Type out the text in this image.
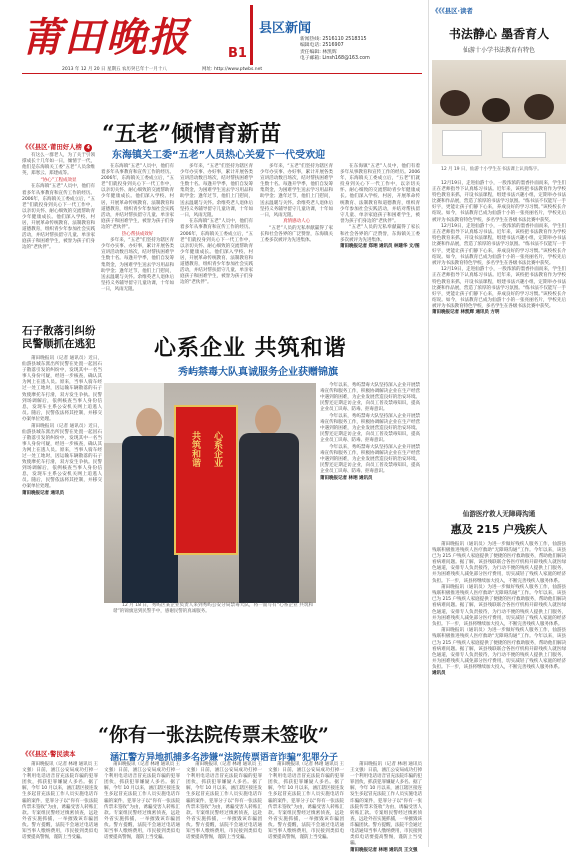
莆田晚报	B1
县区新闻
新闻热线: 2516110 2518315
编辑电话: 2516907
责任编辑: 林凯辉
电子邮箱: Linsh168@163.com
2013 年 12 月 20 日 星期五 农历癸巳年十一月十八	网址: http://www.ptwbs.net
“五老”倾情育新苗
东海镇关工委“五老”人员热心关爱下一代受欢迎
《《《县区·莆田好人榜 4

有这么一群老人，为了关于引领撑成长十几年如一日，倾情于一代，他们是东海镇关工委“五老”人员余维英，郑寒云、郑建成等。

“协心”工程成效显

在东海镇“五老”人员中，他们有着多年从事教育和宣传工作的经历。2006年，东海镇关工委成立后，“五老”们就投身到关心下一代工作中，以亲切关怀、耐心细致的交流帮助青少年健康成长。他们深入学校、村居，开展革命传统教育、法制教育和道德教育，组织青少年参加社会实践活动，并结对帮扶留守儿童、单亲家庭孩子和困难学生，被誉为孩子们身边的“老伙伴”。

在东海镇“五老”人员中，他们有着多年从事教育和宣传工作的经历。2006年，东海镇关工委成立后，“五老”们就投身到关心下一代工作中，以亲切关怀、耐心细致的交流帮助青少年健康成长。他们深入学校、村居，开展革命传统教育、法制教育和道德教育，组织青少年参加社会实践活动，并结对帮扶留守儿童、单亲家庭孩子和困难学生，被誉为孩子们身边的“老伙伴”。

热心帮扶成效好

多年来，“五老”们坚持为辖区青少年办实事、办好事，累计开展各类宣讲活动数百场次，结对帮扶困难学生数十名。每逢开学季，他们自发筹集资金，为困难学生送去学习用品和助学金；逢年过节，他们上门慰问，送去温暖与关怀。余维英老人退休后坚持义务辅导留守儿童功课，十年如一日，风雨无阻。

多年来，“五老”们坚持为辖区青少年办实事、办好事，累计开展各类宣讲活动数百场次，结对帮扶困难学生数十名。每逢开学季，他们自发筹集资金，为困难学生送去学习用品和助学金；逢年过节，他们上门慰问，送去温暖与关怀。余维英老人退休后坚持义务辅导留守儿童功课，十年如一日，风雨无阻。

在东海镇“五老”人员中，他们有着多年从事教育和宣传工作的经历。2006年，东海镇关工委成立后，“五老”们就投身到关心下一代工作中，以亲切关怀、耐心细致的交流帮助青少年健康成长。他们深入学校、村居，开展革命传统教育、法制教育和道德教育，组织青少年参加社会实践活动，并结对帮扶留守儿童、单亲家庭孩子和困难学生，被誉为孩子们身边的“老伙伴”。

多年来，“五老”们坚持为辖区青少年办实事、办好事，累计开展各类宣讲活动数百场次，结对帮扶困难学生数十名。每逢开学季，他们自发筹集资金，为困难学生送去学习用品和助学金；逢年过节，他们上门慰问，送去温暖与关怀。余维英老人退休后坚持义务辅导留守儿童功课，十年如一日，风雨无阻。

真情感动人心

“五老”人员的无私奉献赢得了家长和社会各界的广泛赞誉，东海镇关工委多次被评为先进集体。

在东海镇“五老”人员中，他们有着多年从事教育和宣传工作的经历。2006年，东海镇关工委成立后，“五老”们就投身到关心下一代工作中，以亲切关怀、耐心细致的交流帮助青少年健康成长。他们深入学校、村居，开展革命传统教育、法制教育和道德教育，组织青少年参加社会实践活动，并结对帮扶留守儿童、单亲家庭孩子和困难学生，被誉为孩子们身边的“老伙伴”。

“五老”人员的无私奉献赢得了家长和社会各界的广泛赞誉，东海镇关工委多次被评为先进集体。

莆田晚报记者 郑翊 通讯员 林建华 文/图

石子散落引纠纷
民警顺抓在逃犯

莆田晚报讯（记者 通讯员）近日，仙游县城东派出所民警在处置一起因石子散落引发的纠纷中，发现其中一名当事人身份可疑，经进一步核查，确认其为网上在逃人员。原来，当事人骑车经过一处工地时，因运输车辆散落的石子致使摩托车打滑，双方发生争执。民警到场调解后，依例核查当事人身份信息，发现车主系公安机关网上追逃人员。随后，民警依法将其控制，并移交办案单位处理。

莆田晚报讯（记者 通讯员）近日，仙游县城东派出所民警在处置一起因石子散落引发的纠纷中，发现其中一名当事人身份可疑，经进一步核查，确认其为网上在逃人员。原来，当事人骑车经过一处工地时，因运输车辆散落的石子致使摩托车打滑，双方发生争执。民警到场调解后，依例核查当事人身份信息，发现车主系公安机关网上追逃人员。随后，民警依法将其控制，并移交办案单位处理。

莆田晚报记者 通讯员

心系企业 共筑和谐
秀屿禁毒大队真诚服务企业获赠锦旗
心系企业
共筑和谐

12 月 18 日，秀屿区某企业负责人来到秀屿公安分局禁毒大队，将一面写有“心系企业 共筑和谐”的锦旗送到民警手中，感谢民警的真诚服务。

今年以来，秀屿禁毒大队坚持深入企业开展禁毒宣传和服务工作，积极协调解决企业在生产经营中遇到的困难，为企业发展营造良好的治安环境。民警还定期走访企业，向员工普及禁毒知识，提高企业员工识毒、防毒、拒毒意识。

今年以来，秀屿禁毒大队坚持深入企业开展禁毒宣传和服务工作，积极协调解决企业在生产经营中遇到的困难，为企业发展营造良好的治安环境。民警还定期走访企业，向员工普及禁毒知识，提高企业员工识毒、防毒、拒毒意识。

今年以来，秀屿禁毒大队坚持深入企业开展禁毒宣传和服务工作，积极协调解决企业在生产经营中遇到的困难，为企业发展营造良好的治安环境。民警还定期走访企业，向员工普及禁毒知识，提高企业员工识毒、防毒、拒毒意识。

莆田晚报记者 林翊 通讯员

“你有一张法院传票未签收”
涵江警方异地抓捕多名涉嫌“法院传票语音诈骗”犯罪分子
《《《县区·警民读本

莆田晚报讯（记者 林翊 通讯员 王文强）日前，涵江公安局成功打掉一个利用电话语音冒充法院诈骗的犯罪团伙，抓获犯罪嫌疑人多名。据了解，今年 10 月以来，涵江辖区接连发生多起冒充法院工作人员实施电话诈骗的案件，犯罪分子以“你有一张法院传票未签收”为由，诱骗受害人转账汇款。专案组民警经过缜密侦查，远赴外省实施抓捕，一举摧毁该诈骗团伙。警方提醒，法院不会通过电话通知当事人缴纳费用，市民接到类似电话要提高警惕，谨防上当受骗。

莆田晚报讯（记者 林翊 通讯员 王文强）日前，涵江公安局成功打掉一个利用电话语音冒充法院诈骗的犯罪团伙，抓获犯罪嫌疑人多名。据了解，今年 10 月以来，涵江辖区接连发生多起冒充法院工作人员实施电话诈骗的案件，犯罪分子以“你有一张法院传票未签收”为由，诱骗受害人转账汇款。专案组民警经过缜密侦查，远赴外省实施抓捕，一举摧毁该诈骗团伙。警方提醒，法院不会通过电话通知当事人缴纳费用，市民接到类似电话要提高警惕，谨防上当受骗。

莆田晚报讯（记者 林翊 通讯员 王文强）日前，涵江公安局成功打掉一个利用电话语音冒充法院诈骗的犯罪团伙，抓获犯罪嫌疑人多名。据了解，今年 10 月以来，涵江辖区接连发生多起冒充法院工作人员实施电话诈骗的案件，犯罪分子以“你有一张法院传票未签收”为由，诱骗受害人转账汇款。专案组民警经过缜密侦查，远赴外省实施抓捕，一举摧毁该诈骗团伙。警方提醒，法院不会通过电话通知当事人缴纳费用，市民接到类似电话要提高警惕，谨防上当受骗。

莆田晚报讯（记者 林翊 通讯员 王文强）日前，涵江公安局成功打掉一个利用电话语音冒充法院诈骗的犯罪团伙，抓获犯罪嫌疑人多名。据了解，今年 10 月以来，涵江辖区接连发生多起冒充法院工作人员实施电话诈骗的案件，犯罪分子以“你有一张法院传票未签收”为由，诱骗受害人转账汇款。专案组民警经过缜密侦查，远赴外省实施抓捕，一举摧毁该诈骗团伙。警方提醒，法院不会通过电话通知当事人缴纳费用，市民接到类似电话要提高警惕，谨防上当受骗。

莆田晚报讯（记者 林翊 通讯员 王文强）日前，涵江公安局成功打掉一个利用电话语音冒充法院诈骗的犯罪团伙，抓获犯罪嫌疑人多名。据了解，今年 10 月以来，涵江辖区接连发生多起冒充法院工作人员实施电话诈骗的案件，犯罪分子以“你有一张法院传票未签收”为由，诱骗受害人转账汇款。专案组民警经过缜密侦查，远赴外省实施抓捕，一举摧毁该诈骗团伙。警方提醒，法院不会通过电话通知当事人缴纳费用，市民接到类似电话要提高警惕，谨防上当受骗。

莆田晚报记者 林翊 通讯员 王文强

《《《县区·读者
书法静心 墨香育人
仙游十小学书法教育有特色

12 月 19 日，仙游十小学生在书法课上认真练字。

12月19日，走进仙游十小，一股浓浓的墨香扑面而来，学生们正在老师指导下认真练习书法。近年来，该校把书法教育作为学校特色教育来抓，开设书法课程，组建书法兴趣小组，定期举办书法比赛和作品展，营造了浓厚的书法学习氛围。“练书法不仅能写一手好字，更能让孩子们静下心来，养成良好的学习习惯。”该校校长介绍说。如今，书法教育已成为仙游十小的一张亮丽名片，学校先后被评为书法教育特色学校，多名学生在各级书法比赛中获奖。

12月19日，走进仙游十小，一股浓浓的墨香扑面而来，学生们正在老师指导下认真练习书法。近年来，该校把书法教育作为学校特色教育来抓，开设书法课程，组建书法兴趣小组，定期举办书法比赛和作品展，营造了浓厚的书法学习氛围。“练书法不仅能写一手好字，更能让孩子们静下心来，养成良好的学习习惯。”该校校长介绍说。如今，书法教育已成为仙游十小的一张亮丽名片，学校先后被评为书法教育特色学校，多名学生在各级书法比赛中获奖。

12月19日，走进仙游十小，一股浓浓的墨香扑面而来，学生们正在老师指导下认真练习书法。近年来，该校把书法教育作为学校特色教育来抓，开设书法课程，组建书法兴趣小组，定期举办书法比赛和作品展，营造了浓厚的书法学习氛围。“练书法不仅能写一手好字，更能让孩子们静下心来，养成良好的学习习惯。”该校校长介绍说。如今，书法教育已成为仙游十小的一张亮丽名片，学校先后被评为书法教育特色学校，多名学生在各级书法比赛中获奖。

莆田晚报记者 林凯辉 通讯员 方明

仙游医疗救人无障碍沟通
惠及 215 户残疾人

莆田晚报讯（通讯员）为进一步做好残疾人服务工作，仙游县残联积极推进残疾人医疗救助“无障碍沟通”工作。今年以来，该县已为 215 户残疾人家庭提供了便捷的医疗救助服务，帮助他们解决看病难问题。据了解，该县残联联合各医疗机构开辟残疾人就医绿色通道，安排专人负责接待，为行动不便的残疾人提供上门服务，并为困难残疾人减免部分医疗费用，切实减轻了残疾人家庭的经济负担。下一步，该县将继续加大投入，不断完善残疾人服务体系。

莆田晚报讯（通讯员）为进一步做好残疾人服务工作，仙游县残联积极推进残疾人医疗救助“无障碍沟通”工作。今年以来，该县已为 215 户残疾人家庭提供了便捷的医疗救助服务，帮助他们解决看病难问题。据了解，该县残联联合各医疗机构开辟残疾人就医绿色通道，安排专人负责接待，为行动不便的残疾人提供上门服务，并为困难残疾人减免部分医疗费用，切实减轻了残疾人家庭的经济负担。下一步，该县将继续加大投入，不断完善残疾人服务体系。

莆田晚报讯（通讯员）为进一步做好残疾人服务工作，仙游县残联积极推进残疾人医疗救助“无障碍沟通”工作。今年以来，该县已为 215 户残疾人家庭提供了便捷的医疗救助服务，帮助他们解决看病难问题。据了解，该县残联联合各医疗机构开辟残疾人就医绿色通道，安排专人负责接待，为行动不便的残疾人提供上门服务，并为困难残疾人减免部分医疗费用，切实减轻了残疾人家庭的经济负担。下一步，该县将继续加大投入，不断完善残疾人服务体系。

通讯员
